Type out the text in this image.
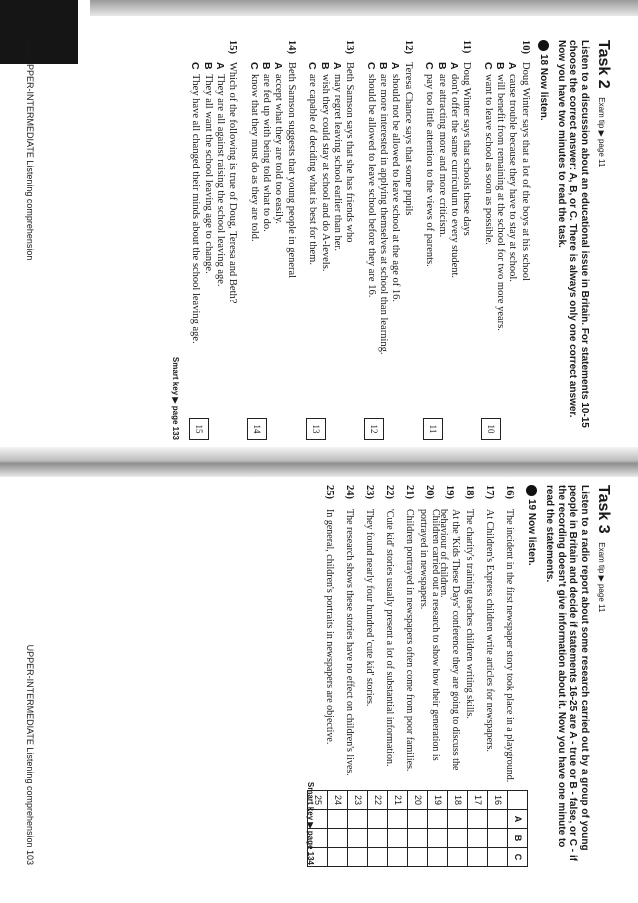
Task 2 Exam tip ▶ page 11
Listen to a discussion about an educational issue in Britain. For statements 10-15 choose the correct answer: A, B, or C. There is always only one correct answer. Now you have two minutes to read the task.
18 Now listen.
10)
Doug Winter says that a lot of the boys at his school
A
cause trouble because they have to stay at school.
B
will benefit from remaining at the school for two more years.
C
want to leave school as soon as possible.
10
11)
Doug Winter says that schools these days
A
don't offer the same curriculum to every student.
B
are attracting more and more criticism.
C
pay too little attention to the views of parents.
11
12)
Teresa Chance says that some pupils
A
should not be allowed to leave school at the age of 16.
B
are more interested in applying themselves at school than learning.
C
should be allowed to leave school before they are 16.
12
13)
Beth Samson says that she has friends who
A
may regret leaving school earlier than her.
B
wish they could stay at school and do A-levels.
C
are capable of deciding what is best for them.
13
14)
Beth Samson suggests that young people in general
A
accept what they are told too easily.
B
are fed up with being told what to do.
C
know that they must do as they are told.
14
15)
Which of the following is true of Doug, Teresa and Beth?
A
They are all against raising the school leaving age.
B
They all want the school leaving age to change.
C
They have all changed their minds about the school leaving age.
15
Smart key ▶ page 133
102 UPPER-INTERMEDIATE Listening comprehension
Task 3 Exam tip ▶ page 11
Listen to a radio report about some research carried out by a group of young people in Britain and decide if statements 16-25 are A - true or B - false, or C - if the recording doesn't give information about it. Now you have one minute to read the statements.
19 Now listen.
16)
The incident in the first newspaper story took place in a playground.
17)
At Children's Express children write articles for newspapers.
18)
The charity's training teaches children writing skills.
19)
At the 'Kids These Days' conference they are going to discuss the behaviour of children.
20)
Children carried out a research to show how their generation is portrayed in newspapers.
21)
Children portrayed in newspapers often come from poor families.
22)
'Cute kid' stories usually present a lot of substantial information.
23)
They found nearly four hundred 'cute kid' stories.
24)
The research shows these stories have no effect on children's lives.
25)
In general, children's portraits in newspapers are objective.
	A	B	C
16			
17			
18			
19			
20			
21			
22			
23			
24			
25			
Smart key ▶ page 134
UPPER-INTERMEDIATE Listening comprehension 103
